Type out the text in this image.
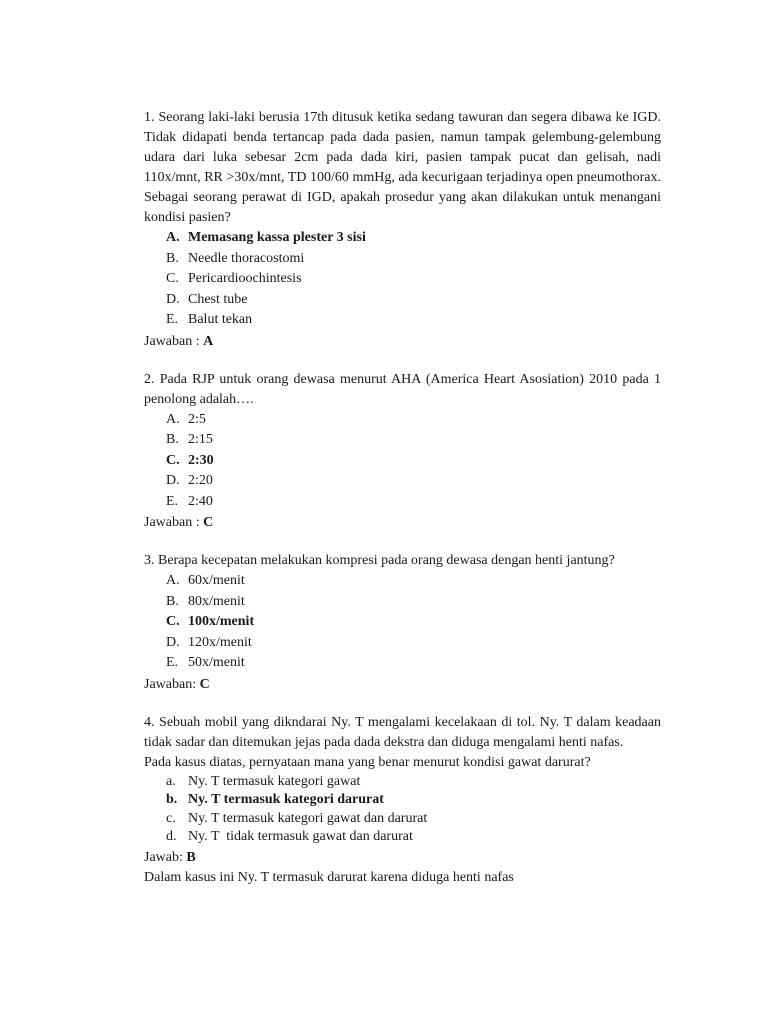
1. Seorang laki-laki berusia 17th ditusuk ketika sedang tawuran dan segera dibawa ke IGD. Tidak didapati benda tertancap pada dada pasien, namun tampak gelembung-gelembung udara dari luka sebesar 2cm pada dada kiri, pasien tampak pucat dan gelisah, nadi 110x/mnt, RR >30x/mnt, TD 100/60 mmHg, ada kecurigaan terjadinya open pneumothorax. Sebagai seorang perawat di IGD, apakah prosedur yang akan dilakukan untuk menangani kondisi pasien?

A. Memasang kassa plester 3 sisi
B. Needle thoracostomi
C. Pericardioochintesis
D. Chest tube
E. Balut tekan

Jawaban : A

2. Pada RJP untuk orang dewasa menurut AHA (America Heart Asosiation) 2010 pada 1 penolong adalah….

A. 2:5
B. 2:15
C. 2:30
D. 2:20
E. 2:40

Jawaban : C

3. Berapa kecepatan melakukan kompresi pada orang dewasa dengan henti jantung?

A. 60x/menit
B. 80x/menit
C. 100x/menit
D. 120x/menit
E. 50x/menit

Jawaban: C

4. Sebuah mobil yang dikndarai Ny. T mengalami kecelakaan di tol. Ny. T dalam keadaan tidak sadar dan ditemukan jejas pada dada dekstra dan diduga mengalami henti nafas.

Pada kasus diatas, pernyataan mana yang benar menurut kondisi gawat darurat?

a. Ny. T termasuk kategori gawat
b. Ny. T termasuk kategori darurat
c. Ny. T termasuk kategori gawat dan darurat
d. Ny. T  tidak termasuk gawat dan darurat

Jawab: B

Dalam kasus ini Ny. T termasuk darurat karena diduga henti nafas
